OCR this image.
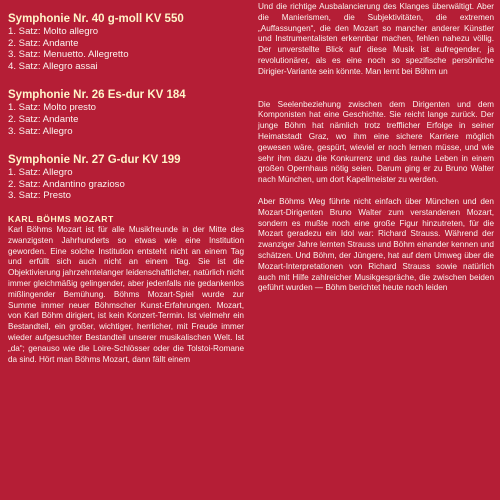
Symphonie Nr. 40 g-moll KV 550
1. Satz: Molto allegro
2. Satz: Andante
3. Satz: Menuetto. Allegretto
4. Satz: Allegro assai
Symphonie Nr. 26 Es-dur KV 184
1. Satz: Molto presto
2. Satz: Andante
3. Satz: Allegro
Symphonie Nr. 27 G-dur KV 199
1. Satz: Allegro
2. Satz: Andantino grazioso
3. Satz: Presto
KARL BÖHMS MOZART

Karl Böhms Mozart ist für alle Musikfreunde in der Mitte des zwanzigsten Jahrhunderts so etwas wie eine Institution geworden. Eine solche Institution entsteht nicht an einem Tag und erfüllt sich auch nicht an einem Tag. Sie ist die Objektivierung jahrzehntelanger leidenschaftlicher, natürlich nicht immer gleichmäßig gelingender, aber jedenfalls nie gedankenlos mißlingender Bemühung. Böhms Mozart-Spiel wurde zur Summe immer neuer Böhmscher Kunst-Erfahrungen. Mozart, von Karl Böhm dirigiert, ist kein Konzert-Termin. Ist vielmehr ein Bestandteil, ein großer, wichtiger, herrlicher, mit Freude immer wieder aufgesuchter Bestandteil unserer musikalischen Welt. Ist „da“; genauso wie die Loire-Schlösser oder die Tolstoi-Romane da sind. Hört man Böhms Mozart, dann fällt einem

Und die richtige Ausbalancierung des Klanges überwältigt. Aber die Manierismen, die Subjektivitäten, die extremen „Auffassungen“, die den Mozart so mancher anderer Künstler und Instrumentalisten erkennbar machen, fehlen nahezu völlig. Der unverstellte Blick auf diese Musik ist aufregender, ja revolutionärer, als es eine noch so spezifische persönliche Dirigier-Variante sein könnte. Man lernt bei Böhm un

Die Seelenbeziehung zwischen dem Dirigenten und dem Komponisten hat eine Geschichte. Sie reicht lange zurück. Der junge Böhm hat nämlich trotz trefflicher Erfolge in seiner Heimatstadt Graz, wo ihm eine sichere Karriere möglich gewesen wäre, gespürt, wieviel er noch lernen müsse, und wie sehr ihm dazu die Konkurrenz und das rauhe Leben in einem großen Opernhaus nötig seien. Darum ging er zu Bruno Walter nach München, um dort Kapellmeister zu werden.

Aber Böhms Weg führte nicht einfach über München und den Mozart-Dirigenten Bruno Walter zum verstandenen Mozart, sondern es mußte noch eine große Figur hinzutreten, für die Mozart geradezu ein Idol war: Richard Strauss. Während der zwanziger Jahre lernten Strauss und Böhm einander kennen und schätzen. Und Böhm, der Jüngere, hat auf dem Umweg über die Mozart-Interpretationen von Richard Strauss sowie natürlich auch mit Hilfe zahlreicher Musikgespräche, die zwischen beiden geführt wurden — Böhm berichtet heute noch leiden
